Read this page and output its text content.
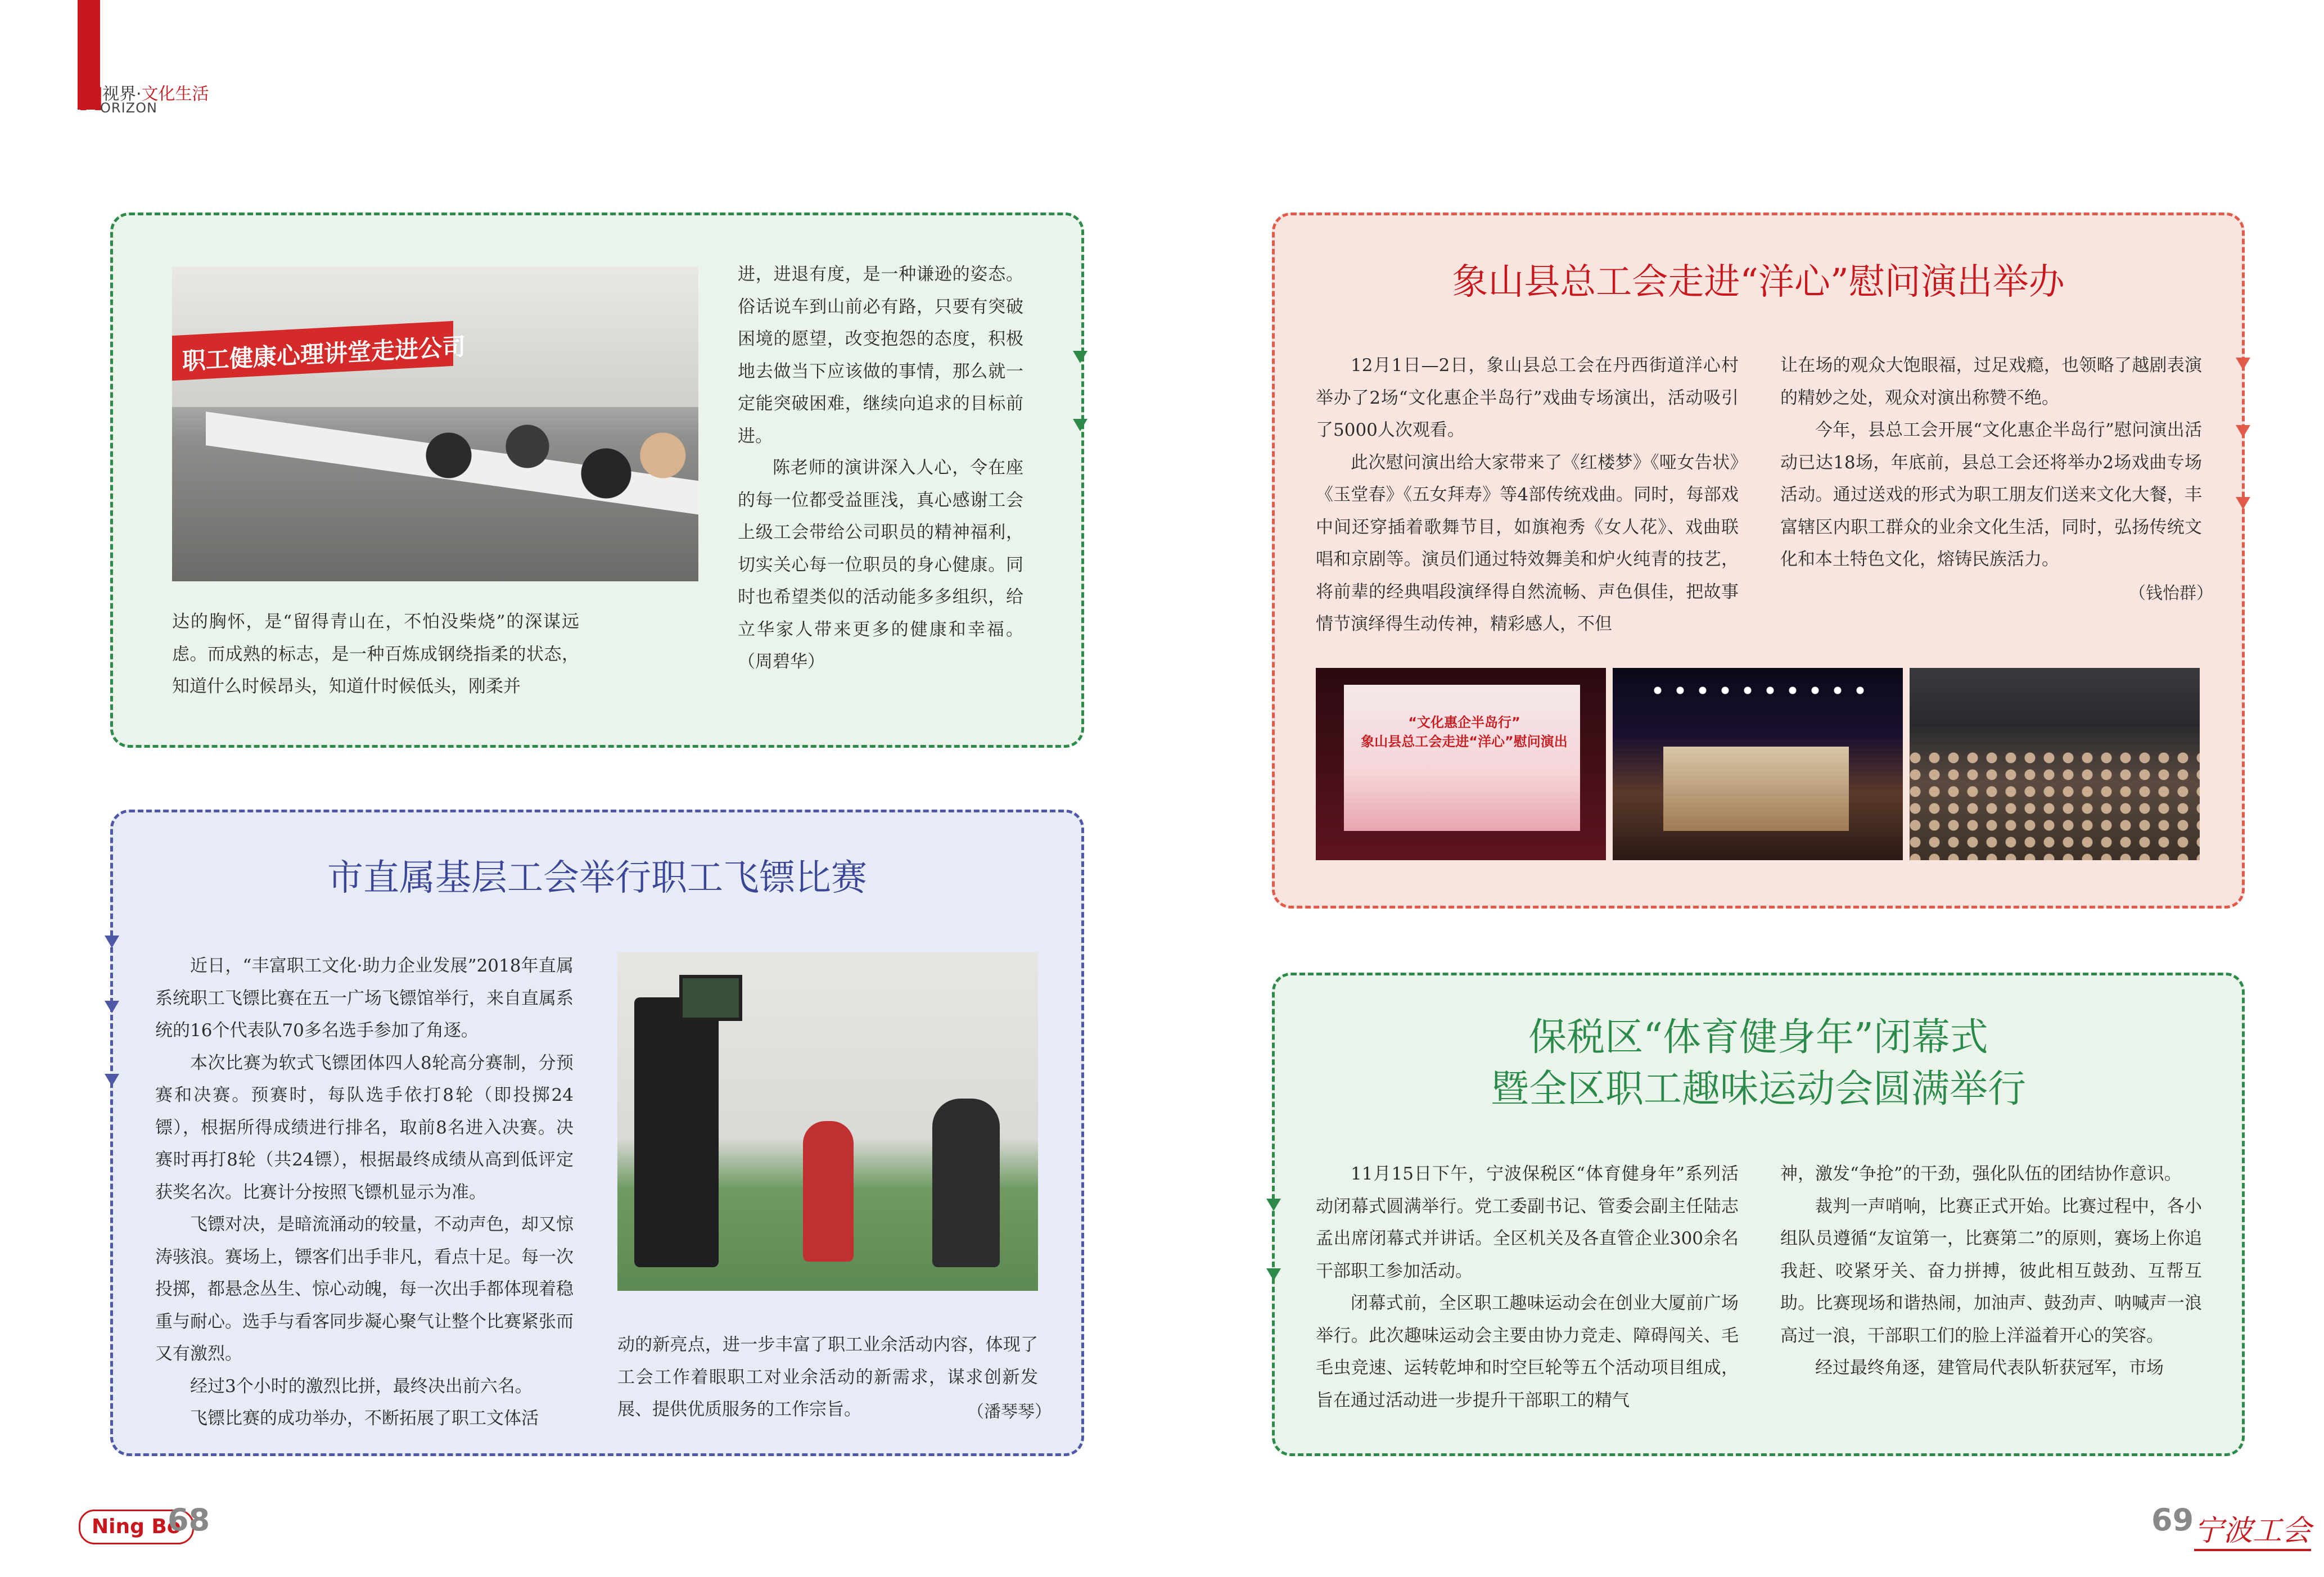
H
视界·文化生活
ORIZON
职工健康心理讲堂走进公司

达的胸怀，是“留得青山在，不怕没柴烧”的深谋远虑。而成熟的标志，是一种百炼成钢绕指柔的状态，知道什么时候昂头，知道什时候低头，刚柔并

进，进退有度，是一种谦逊的姿态。俗话说车到山前必有路，只要有突破困境的愿望，改变抱怨的态度，积极地去做当下应该做的事情，那么就一定能突破困难，继续向追求的目标前进。

陈老师的演讲深入人心，令在座的每一位都受益匪浅，真心感谢工会上级工会带给公司职员的精神福利，切实关心每一位职员的身心健康。同时也希望类似的活动能多多组织，给立华家人带来更多的健康和幸福。（周碧华）

市直属基层工会举行职工飞镖比赛

近日，“丰富职工文化·助力企业发展”2018年直属系统职工飞镖比赛在五一广场飞镖馆举行，来自直属系统的16个代表队70多名选手参加了角逐。

本次比赛为软式飞镖团体四人8轮高分赛制，分预赛和决赛。预赛时，每队选手依打8轮（即投掷24镖），根据所得成绩进行排名，取前8名进入决赛。决赛时再打8轮（共24镖），根据最终成绩从高到低评定获奖名次。比赛计分按照飞镖机显示为准。

飞镖对决，是暗流涌动的较量，不动声色，却又惊涛骇浪。赛场上，镖客们出手非凡，看点十足。每一次投掷，都悬念丛生、惊心动魄，每一次出手都体现着稳重与耐心。选手与看客同步凝心聚气让整个比赛紧张而又有激烈。

经过3个小时的激烈比拼，最终决出前六名。

飞镖比赛的成功举办，不断拓展了职工文体活

动的新亮点，进一步丰富了职工业余活动内容，体现了工会工作着眼职工对业余活动的新需求，谋求创新发展、提供优质服务的工作宗旨。	（潘琴琴）
象山县总工会走进“洋心”慰问演出举办

12月1日—2日，象山县总工会在丹西街道洋心村举办了2场“文化惠企半岛行”戏曲专场演出，活动吸引了5000人次观看。

此次慰问演出给大家带来了《红楼梦》《哑女告状》《玉堂春》《五女拜寿》等4部传统戏曲。同时，每部戏中间还穿插着歌舞节目，如旗袍秀《女人花》、戏曲联唱和京剧等。演员们通过特效舞美和炉火纯青的技艺，将前辈的经典唱段演绎得自然流畅、声色俱佳，把故事情节演绎得生动传神，精彩感人，不但

让在场的观众大饱眼福，过足戏瘾，也领略了越剧表演的精妙之处，观众对演出称赞不绝。

今年，县总工会开展“文化惠企半岛行”慰问演出活动已达18场，年底前，县总工会还将举办2场戏曲专场活动。通过送戏的形式为职工朋友们送来文化大餐，丰富辖区内职工群众的业余文化生活，同时，弘扬传统文化和本土特色文化，熔铸民族活力。

（钱怡群）
“文化惠企半岛行”
象山县总工会走进“洋心”慰问演出
保税区“体育健身年”闭幕式
暨全区职工趣味运动会圆满举行

11月15日下午，宁波保税区“体育健身年”系列活动闭幕式圆满举行。党工委副书记、管委会副主任陆志孟出席闭幕式并讲话。全区机关及各直管企业300余名干部职工参加活动。

闭幕式前，全区职工趣味运动会在创业大厦前广场举行。此次趣味运动会主要由协力竞走、障碍闯关、毛毛虫竞速、运转乾坤和时空巨轮等五个活动项目组成，旨在通过活动进一步提升干部职工的精气

神，激发“争抢”的干劲，强化队伍的团结协作意识。

裁判一声哨响，比赛正式开始。比赛过程中，各小组队员遵循“友谊第一，比赛第二”的原则，赛场上你追我赶、咬紧牙关、奋力拼搏，彼此相互鼓劲、互帮互助。比赛现场和谐热闹，加油声、鼓劲声、呐喊声一浪高过一浪，干部职工们的脸上洋溢着开心的笑容。

经过最终角逐，建管局代表队斩获冠军，市场

Ning Bo
68	69 宁波工会
